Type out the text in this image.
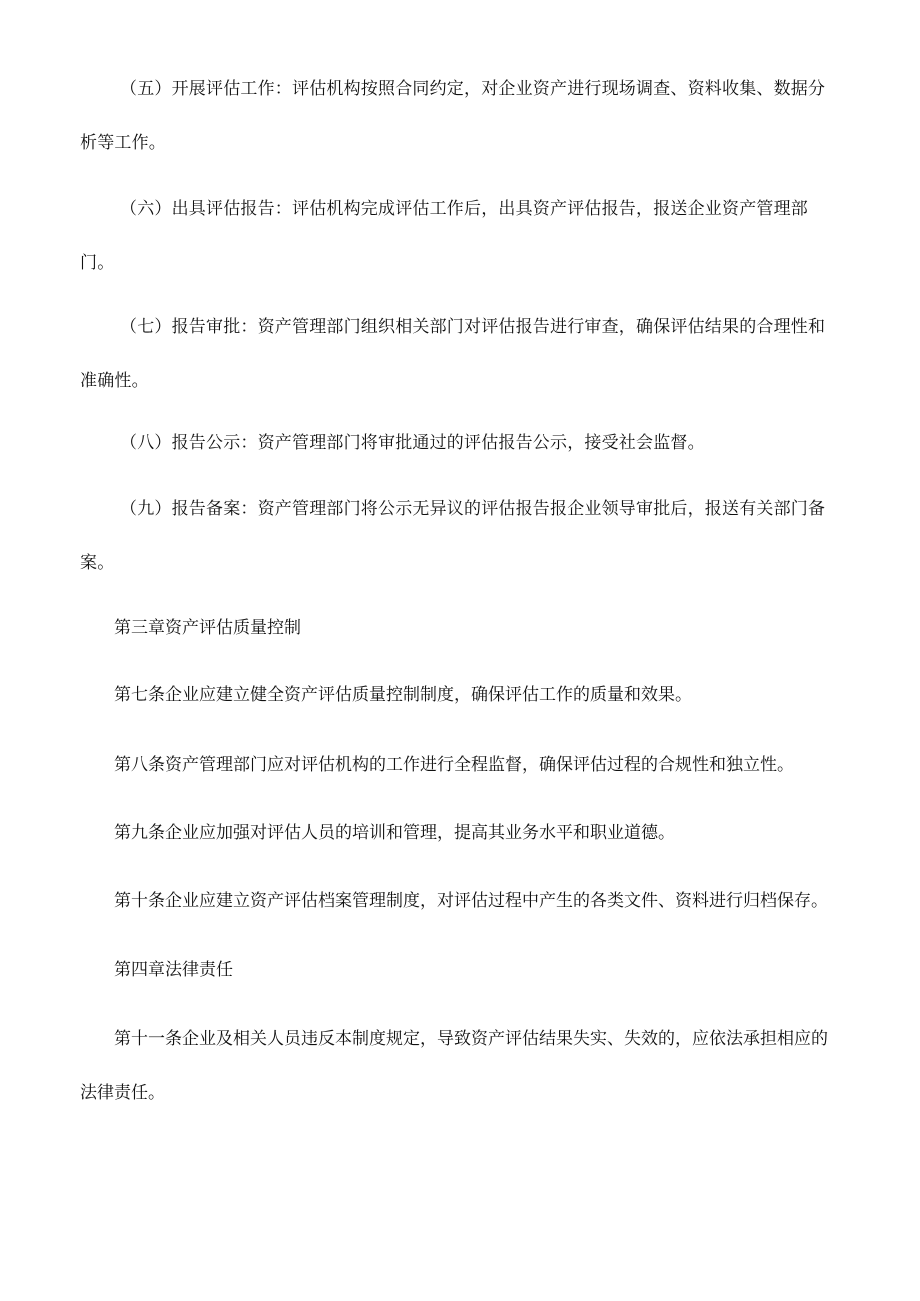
（五）开展评估工作：评估机构按照合同约定，对企业资产进行现场调查、资料收集、数据分析等工作。

（六）出具评估报告：评估机构完成评估工作后，出具资产评估报告，报送企业资产管理部门。

（七）报告审批：资产管理部门组织相关部门对评估报告进行审查，确保评估结果的合理性和准确性。

（八）报告公示：资产管理部门将审批通过的评估报告公示，接受社会监督。

（九）报告备案：资产管理部门将公示无异议的评估报告报企业领导审批后，报送有关部门备案。

第三章资产评估质量控制

第七条企业应建立健全资产评估质量控制制度，确保评估工作的质量和效果。

第八条资产管理部门应对评估机构的工作进行全程监督，确保评估过程的合规性和独立性。

第九条企业应加强对评估人员的培训和管理，提高其业务水平和职业道德。

第十条企业应建立资产评估档案管理制度，对评估过程中产生的各类文件、资料进行归档保存。

第四章法律责任

第十一条企业及相关人员违反本制度规定，导致资产评估结果失实、失效的，应依法承担相应的法律责任。
